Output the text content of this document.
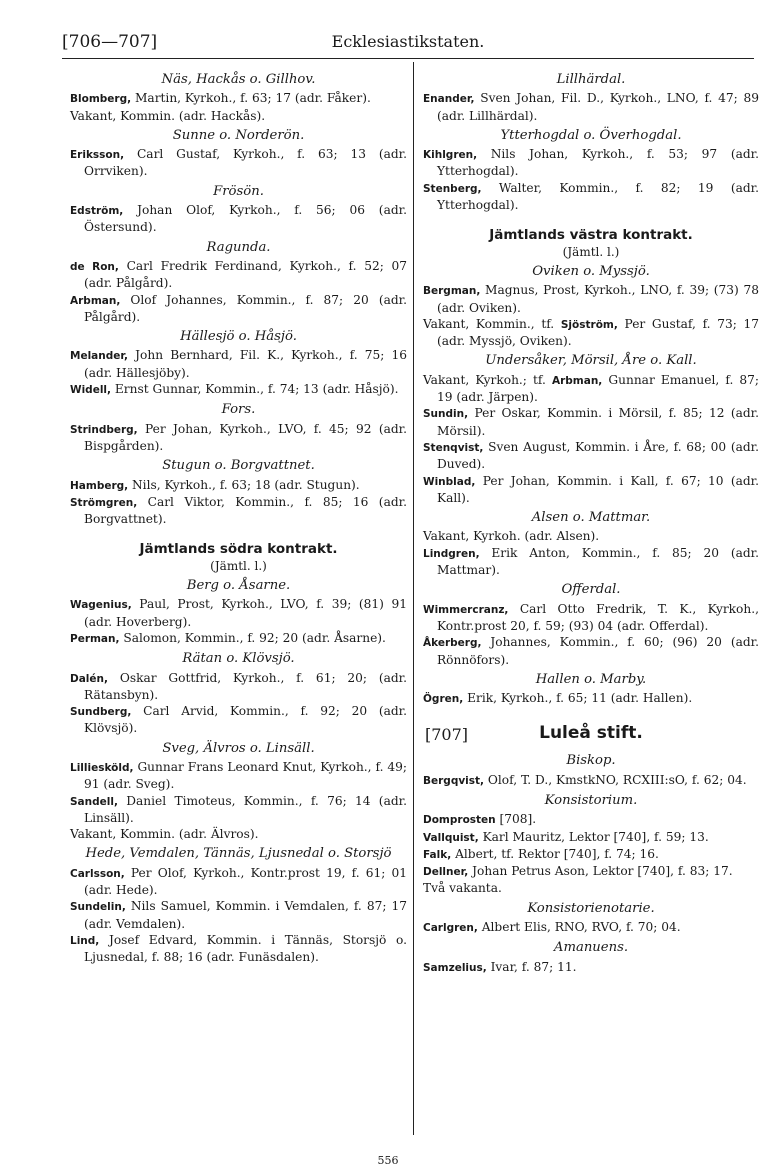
[706—707]	Ecklesiastikstaten.
Näs, Hackås o. Gillhov.
Blomberg, Martin, Kyrkoh., f. 63; 17 (adr. Fåker).
Vakant, Kommin. (adr. Hackås).
Sunne o. Norderön.
Eriksson, Carl Gustaf, Kyrkoh., f. 63; 13 (adr. Orrviken).
Frösön.
Edström, Johan Olof, Kyrkoh., f. 56; 06 (adr. Östersund).
Ragunda.
de Ron, Carl Fredrik Ferdinand, Kyrkoh., f. 52; 07 (adr. Pålgård).
Arbman, Olof Johannes, Kommin., f. 87; 20 (adr. Pålgård).
Hällesjö o. Håsjö.
Melander, John Bernhard, Fil. K., Kyrkoh., f. 75; 16 (adr. Hällesjöby).
Widell, Ernst Gunnar, Kommin., f. 74; 13 (adr. Håsjö).
Fors.
Strindberg, Per Johan, Kyrkoh., LVO, f. 45; 92 (adr. Bispgården).
Stugun o. Borgvattnet.
Hamberg, Nils, Kyrkoh., f. 63; 18 (adr. Stugun).
Strömgren, Carl Viktor, Kommin., f. 85; 16 (adr. Borgvattnet).
Jämtlands södra kontrakt.
(Jämtl. l.)
Berg o. Åsarne.
Wagenius, Paul, Prost, Kyrkoh., LVO, f. 39; (81) 91 (adr. Hoverberg).
Perman, Salomon, Kommin., f. 92; 20 (adr. Åsarne).
Rätan o. Klövsjö.
Dalén, Oskar Gottfrid, Kyrkoh., f. 61; 20; (adr. Rätansbyn).
Sundberg, Carl Arvid, Kommin., f. 92; 20 (adr. Klövsjö).
Sveg, Älvros o. Linsäll.
Lilliesköld, Gunnar Frans Leonard Knut, Kyrkoh., f. 49; 91 (adr. Sveg).
Sandell, Daniel Timoteus, Kommin., f. 76; 14 (adr. Linsäll).
Vakant, Kommin. (adr. Älvros).
Hede, Vemdalen, Tännäs, Ljusnedal o. Storsjö
Carlsson, Per Olof, Kyrkoh., Kontr.prost 19, f. 61; 01 (adr. Hede).
Sundelin, Nils Samuel, Kommin. i Vemdalen, f. 87; 17 (adr. Vemdalen).
Lind, Josef Edvard, Kommin. i Tännäs, Storsjö o. Ljusnedal, f. 88; 16 (adr. Funäsdalen).
Lillhärdal.
Enander, Sven Johan, Fil. D., Kyrkoh., LNO, f. 47; 89 (adr. Lillhärdal).
Ytterhogdal o. Överhogdal.
Kihlgren, Nils Johan, Kyrkoh., f. 53; 97 (adr. Ytterhogdal).
Stenberg, Walter, Kommin., f. 82; 19 (adr. Ytterhogdal).
Jämtlands västra kontrakt.
(Jämtl. l.)
Oviken o. Myssjö.
Bergman, Magnus, Prost, Kyrkoh., LNO, f. 39; (73) 78 (adr. Oviken).
Vakant, Kommin., tf. Sjöström, Per Gustaf, f. 73; 17 (adr. Myssjö, Oviken).
Undersåker, Mörsil, Åre o. Kall.
Vakant, Kyrkoh.; tf. Arbman, Gunnar Emanuel, f. 87; 19 (adr. Järpen).
Sundin, Per Oskar, Kommin. i Mörsil, f. 85; 12 (adr. Mörsil).
Stenqvist, Sven August, Kommin. i Åre, f. 68; 00 (adr. Duved).
Winblad, Per Johan, Kommin. i Kall, f. 67; 10 (adr. Kall).
Alsen o. Mattmar.
Vakant, Kyrkoh. (adr. Alsen).
Lindgren, Erik Anton, Kommin., f. 85; 20 (adr. Mattmar).
Offerdal.
Wimmercranz, Carl Otto Fredrik, T. K., Kyrkoh., Kontr.prost 20, f. 59; (93) 04 (adr. Offerdal).
Åkerberg, Johannes, Kommin., f. 60; (96) 20 (adr. Rönnöfors).
Hallen o. Marby.
Ögren, Erik, Kyrkoh., f. 65; 11 (adr. Hallen).
[707]	Luleå stift.
Biskop.
Bergqvist, Olof, T. D., KmstkNO, RCXIII:sO, f. 62; 04.
Konsistorium.
Domprosten [708].
Vallquist, Karl Mauritz, Lektor [740], f. 59; 13.
Falk, Albert, tf. Rektor [740], f. 74; 16.
Dellner, Johan Petrus Ason, Lektor [740], f. 83; 17.
Två vakanta.
Konsistorienotarie.
Carlgren, Albert Elis, RNO, RVO, f. 70; 04.
Amanuens.
Samzelius, Ivar, f. 87; 11.
556
